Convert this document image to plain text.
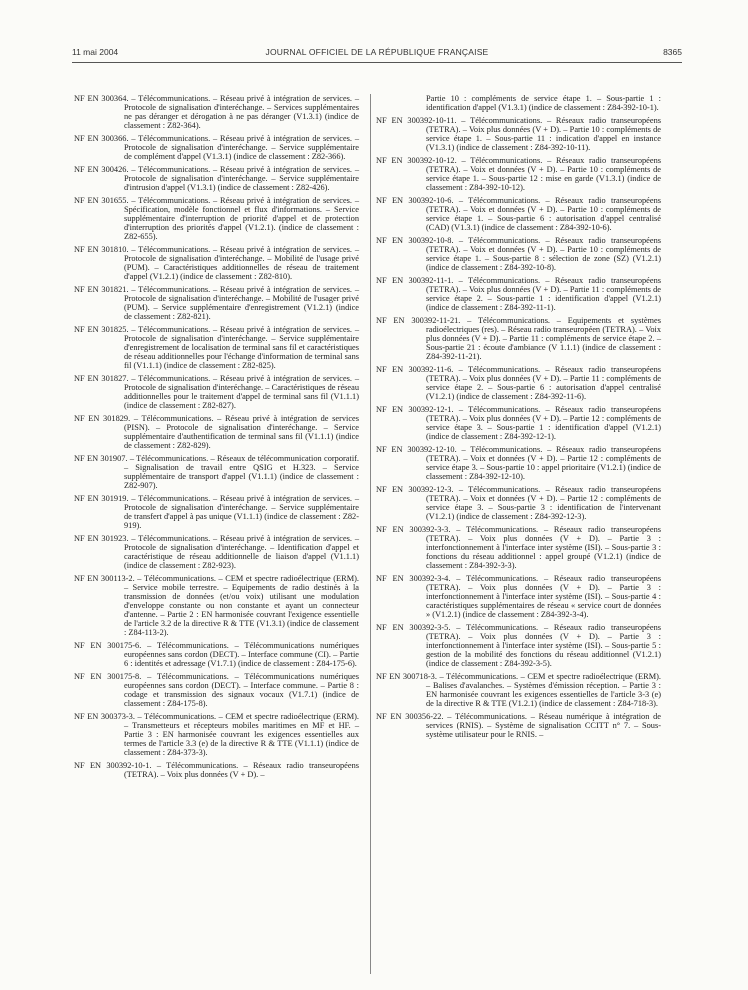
11 mai 2004	JOURNAL OFFICIEL DE LA RÉPUBLIQUE FRANÇAISE	8365

NF EN 300364. – Télécommunications. – Réseau privé à intégration de services. – Protocole de signalisation d'interéchange. – Services supplémentaires ne pas déranger et dérogation à ne pas déranger (V1.3.1) (indice de classement : Z82-364).

NF EN 300366. – Télécommunications. – Réseau privé à intégration de services. – Protocole de signalisation d'interéchange. – Service supplémentaire de complément d'appel (V1.3.1) (indice de classement : Z82-366).

NF EN 300426. – Télécommunications. – Réseau privé à intégration de services. – Protocole de signalisation d'interéchange. – Service supplémentaire d'intrusion d'appel (V1.3.1) (indice de classement : Z82-426).

NF EN 301655. – Télécommunications. – Réseau privé à intégration de services. – Spécification, modèle fonctionnel et flux d'informations. – Service supplémentaire d'interruption de priorité d'appel et de protection d'interruption des priorités d'appel (V1.2.1). (indice de classement : Z82-655).

NF EN 301810. – Télécommunications. – Réseau privé à intégration de services. – Protocole de signalisation d'interéchange. – Mobilité de l'usage privé (PUM). – Caractéristiques additionnelles de réseau de traitement d'appel (V1.2.1) (indice de classement : Z82-810).

NF EN 301821. – Télécommunications. – Réseau privé à intégration de services. – Protocole de signalisation d'interéchange. – Mobilité de l'usager privé (PUM). – Service supplémentaire d'enregistrement (V1.2.1) (indice de classement : Z82-821).

NF EN 301825. – Télécommunications. – Réseau privé à intégration de services. – Protocole de signalisation d'interéchange. – Service supplémentaire d'enregistrement de localisation de terminal sans fil et caractéristiques de réseau additionnelles pour l'échange d'information de terminal sans fil (V1.1.1) (indice de classement : Z82-825).

NF EN 301827. – Télécommunications. – Réseau privé à intégration de services. – Protocole de signalisation d'interéchange. – Caractéristiques de réseau additionnelles pour le traitement d'appel de terminal sans fil (V1.1.1) (indice de classement : Z82-827).

NF EN 301829. – Télécommunications. – Réseau privé à intégration de services (PISN). – Protocole de signalisation d'interéchange. – Service supplémentaire d'authentification de terminal sans fil (V1.1.1) (indice de classement : Z82-829).

NF EN 301907. – Télécommunications. – Réseaux de télécommunication corporatif. – Signalisation de travail entre QSIG et H.323. – Service supplémentaire de transport d'appel (V1.1.1) (indice de classement : Z82-907).

NF EN 301919. – Télécommunications. – Réseau privé à intégration de services. – Protocole de signalisation d'interéchange. – Service supplémentaire de transfert d'appel à pas unique (V1.1.1) (indice de classement : Z82-919).

NF EN 301923. – Télécommunications. – Réseau privé à intégration de services. – Protocole de signalisation d'interéchange. – Identification d'appel et caractéristique de réseau additionnelle de liaison d'appel (V1.1.1) (indice de classement : Z82-923).

NF EN 300113-2. – Télécommunications. – CEM et spectre radioélectrique (ERM). – Service mobile terrestre. – Equipements de radio destinés à la transmission de données (et/ou voix) utilisant une modulation d'enveloppe constante ou non constante et ayant un connecteur d'antenne. – Partie 2 : EN harmonisée couvrant l'exigence essentielle de l'article 3.2 de la directive R & TTE (V1.3.1) (indice de classement : Z84-113-2).

NF EN 300175-6. – Télécommunications. – Télécommunications numériques européennes sans cordon (DECT). – Interface commune (CI). – Partie 6 : identités et adressage (V1.7.1) (indice de classement : Z84-175-6).

NF EN 300175-8. – Télécommunications. – Télécommunications numériques européennes sans cordon (DECT). – Interface commune. – Partie 8 : codage et transmission des signaux vocaux (V1.7.1) (indice de classement : Z84-175-8).

NF EN 300373-3. – Télécommunications. – CEM et spectre radioélectrique (ERM). – Transmetteurs et récepteurs mobiles maritimes en MF et HF. – Partie 3 : EN harmonisée couvrant les exigences essentielles aux termes de l'article 3.3 (e) de la directive R & TTE (V1.1.1) (indice de classement : Z84-373-3).

NF EN 300392-10-1. – Télécommunications. – Réseaux radio transeuropéens (TETRA). – Voix plus données (V + D). –

Partie 10 : compléments de service étape 1. – Sous-partie 1 : identification d'appel (V1.3.1) (indice de classement : Z84-392-10-1).

NF EN 300392-10-11. – Télécommunications. – Réseaux radio transeuropéens (TETRA). – Voix plus données (V + D). – Partie 10 : compléments de service étape 1. – Sous-partie 11 : indication d'appel en instance (V1.3.1) (indice de classement : Z84-392-10-11).

NF EN 300392-10-12. – Télécommunications. – Réseaux radio transeuropéens (TETRA). – Voix et données (V + D). – Partie 10 : compléments de service étape 1. – Sous-partie 12 : mise en garde (V1.3.1) (indice de classement : Z84-392-10-12).

NF EN 300392-10-6. – Télécommunications. – Réseaux radio transeuropéens (TETRA). – Voix et données (V + D). – Partie 10 : compléments de service étape 1. – Sous-partie 6 : autorisation d'appel centralisé (CAD) (V1.3.1) (indice de classement : Z84-392-10-6).

NF EN 300392-10-8. – Télécommunications. – Réseaux radio transeuropéens (TETRA). – Voix et données (V + D). – Partie 10 : compléments de service étape 1. – Sous-partie 8 : sélection de zone (SZ) (V1.2.1) (indice de classement : Z84-392-10-8).

NF EN 300392-11-1. – Télécommunications. – Réseaux radio transeuropéens (TETRA). – Voix plus données (V + D). – Partie 11 : compléments de service étape 2. – Sous-partie 1 : identification d'appel (V1.2.1) (indice de classement : Z84-392-11-1).

NF EN 300392-11-21. – Télécommunications. – Equipements et systèmes radioélectriques (res). – Réseau radio transeuropéen (TETRA). – Voix plus données (V + D). – Partie 11 : compléments de service étape 2. – Sous-partie 21 : écoute d'ambiance (V 1.1.1) (indice de classement : Z84-392-11-21).

NF EN 300392-11-6. – Télécommunications. – Réseaux radio transeuropéens (TETRA). – Voix plus données (V + D). – Partie 11 : compléments de service étape 2. – Sous-partie 6 : autorisation d'appel centralisé (V1.2.1) (indice de classement : Z84-392-11-6).

NF EN 300392-12-1. – Télécommunications. – Réseaux radio transeuropéens (TETRA). – Voix plus données (V + D). – Partie 12 : compléments de service étape 3. – Sous-partie 1 : identification d'appel (V1.2.1) (indice de classement : Z84-392-12-1).

NF EN 300392-12-10. – Télécommunications. – Réseaux radio transeuropéens (TETRA). – Voix et données (V + D). – Partie 12 : compléments de service étape 3. – Sous-partie 10 : appel prioritaire (V1.2.1) (indice de classement : Z84-392-12-10).

NF EN 300392-12-3. – Télécommunications. – Réseaux radio transeuropéens (TETRA). – Voix et données (V + D). – Partie 12 : compléments de service étape 3. – Sous-partie 3 : identification de l'intervenant (V1.2.1) (indice de classement : Z84-392-12-3).

NF EN 300392-3-3. – Télécommunications. – Réseaux radio transeuropéens (TETRA). – Voix plus données (V + D). – Partie 3 : interfonctionnement à l'interface inter système (ISI). – Sous-partie 3 : fonctions du réseau additionnel : appel groupé (V1.2.1) (indice de classement : Z84-392-3-3).

NF EN 300392-3-4. – Télécommunications. – Réseaux radio transeuropéens (TETRA). – Voix plus données (V + D). – Partie 3 : interfonctionnement à l'interface inter système (ISI). – Sous-partie 4 : caractéristiques supplémentaires de réseau « service court de données » (V1.2.1) (indice de classement : Z84-392-3-4).

NF EN 300392-3-5. – Télécommunications. – Réseaux radio transeuropéens (TETRA). – Voix plus données (V + D). – Partie 3 : interfonctionnement à l'interface inter système (ISI). – Sous-partie 5 : gestion de la mobilité des fonctions du réseau additionnel (V1.2.1) (indice de classement : Z84-392-3-5).

NF EN 300718-3. – Télécommunications. – CEM et spectre radioélectrique (ERM). – Balises d'avalanches. – Systèmes d'émission réception. – Partie 3 : EN harmonisée couvrant les exigences essentielles de l'article 3-3 (e) de la directive R & TTE (V1.2.1) (indice de classement : Z84-718-3).

NF EN 300356-22. – Télécommunications. – Réseau numérique à intégration de services (RNIS). – Système de signalisation CCITT n° 7. – Sous-système utilisateur pour le RNIS. –
